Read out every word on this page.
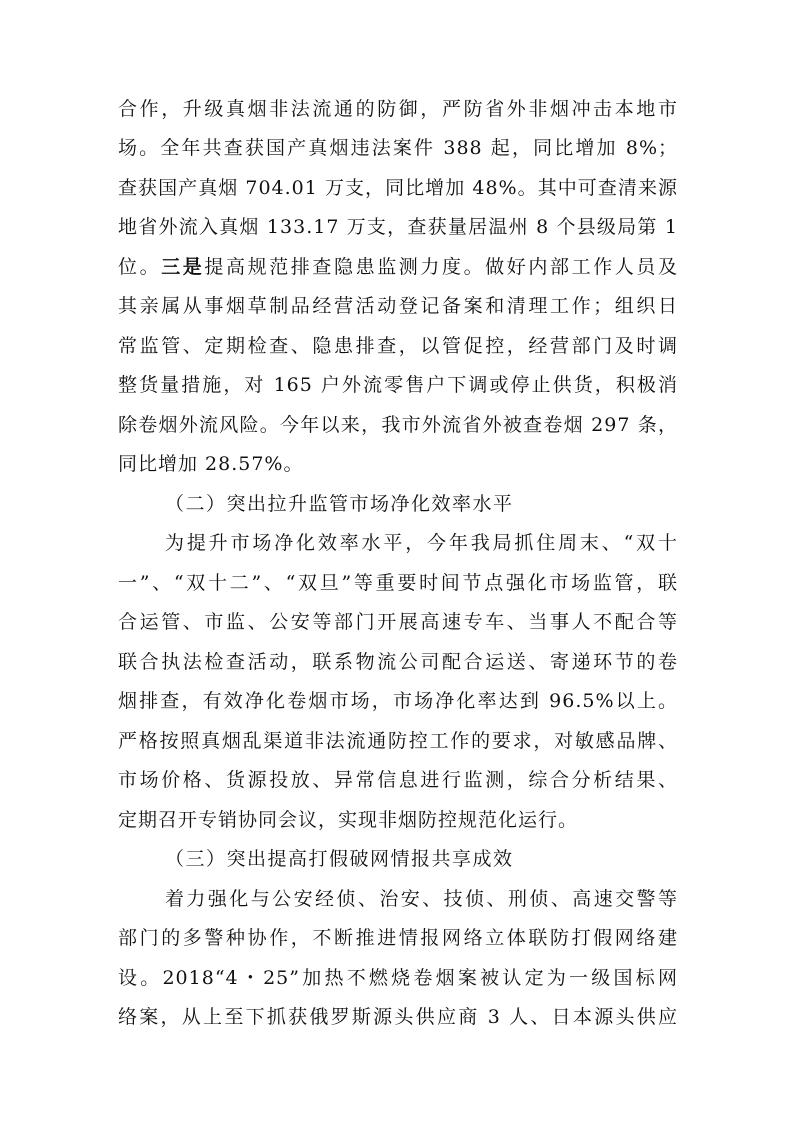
合作，升级真烟非法流通的防御，严防省外非烟冲击本地市
场。全年共查获国产真烟违法案件 388 起，同比增加 8%；
查获国产真烟 704.01 万支，同比增加 48%。其中可查清来源
地省外流入真烟 133.17 万支，查获量居温州 8 个县级局第 1
位。三是提高规范排查隐患监测力度。做好内部工作人员及
其亲属从事烟草制品经营活动登记备案和清理工作；组织日
常监管、定期检查、隐患排查，以管促控，经营部门及时调
整货量措施，对 165 户外流零售户下调或停止供货，积极消
除卷烟外流风险。今年以来，我市外流省外被查卷烟 297 条，
同比增加 28.57%。
（二）突出拉升监管市场净化效率水平
为提升市场净化效率水平，今年我局抓住周末、“双十
一”、“双十二”、“双旦”等重要时间节点强化市场监管，联
合运管、市监、公安等部门开展高速专车、当事人不配合等
联合执法检查活动，联系物流公司配合运送、寄递环节的卷
烟排查，有效净化卷烟市场，市场净化率达到 96.5%以上。
严格按照真烟乱渠道非法流通防控工作的要求，对敏感品牌、
市场价格、货源投放、异常信息进行监测，综合分析结果、
定期召开专销协同会议，实现非烟防控规范化运行。
（三）突出提高打假破网情报共享成效
着力强化与公安经侦、治安、技侦、刑侦、高速交警等
部门的多警种协作，不断推进情报网络立体联防打假网络建
设。2018“4・25”加热不燃烧卷烟案被认定为一级国标网
络案，从上至下抓获俄罗斯源头供应商 3 人、日本源头供应
